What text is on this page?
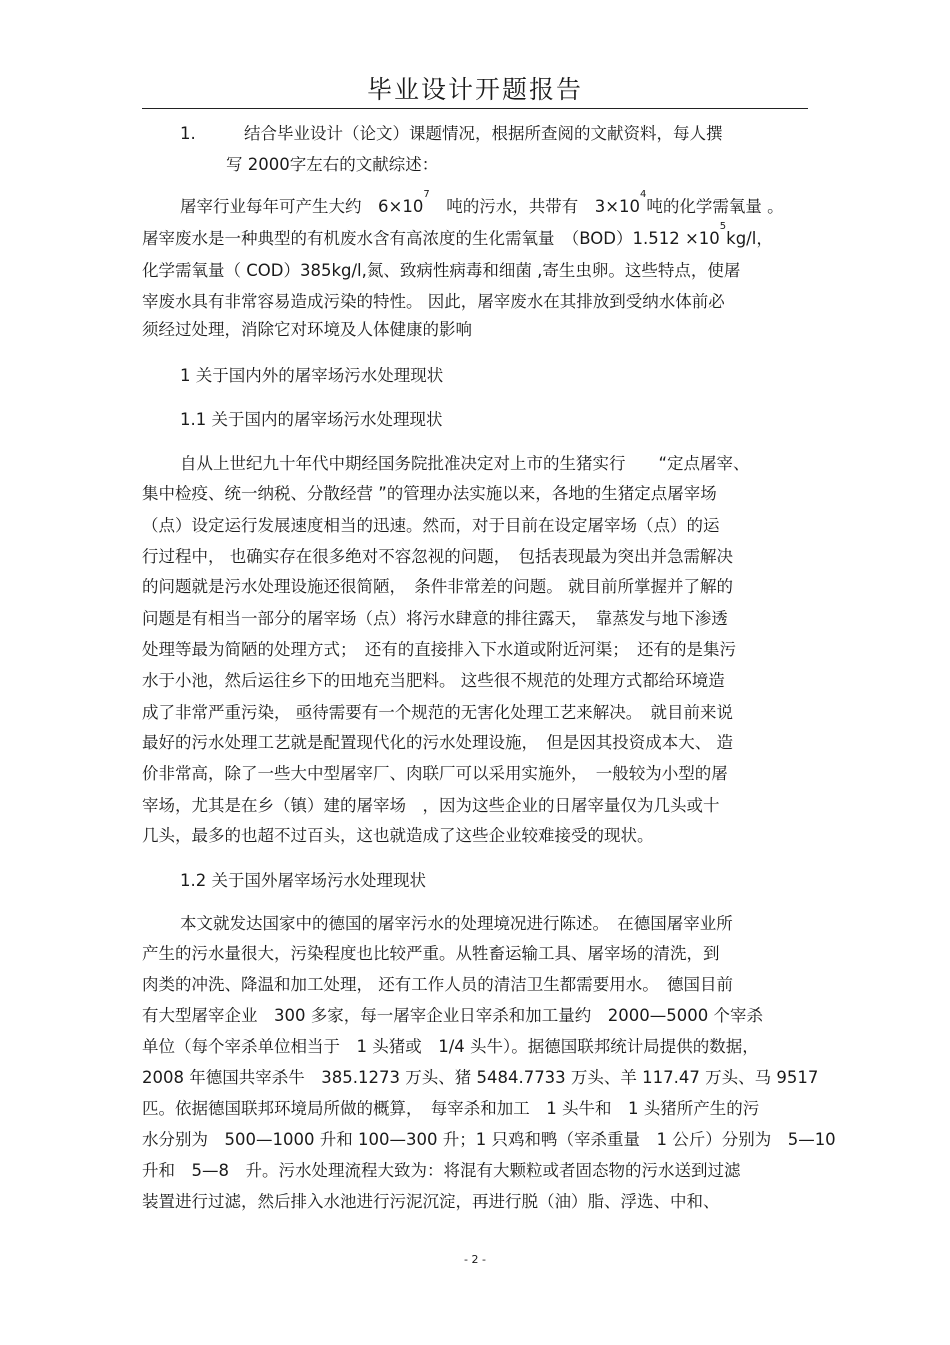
毕业设计开题报告
1.	结合毕业设计（论文）课题情况，根据所查阅的文献资料，每人撰
写 2000字左右的文献综述：
屠宰行业每年可产生大约　$6\times 10^7$　吨的污水，共带有　$3\times 10^4$吨的化学需氧量 。
屠宰废水是一种典型的有机废水含有高浓度的生化需氧量　$(BOD)1.512 \times 10^5kg/l$，
化学需氧量（ COD）385kg/l,氮、致病性病毒和细菌 ,寄生虫卵。这些特点，使屠
宰废水具有非常容易造成污染的特性。 因此，屠宰废水在其排放到受纳水体前必
须经过处理，消除它对环境及人体健康的影响
1 关于国内外的屠宰场污水处理现状
1.1 关于国内的屠宰场污水处理现状
自从上世纪九十年代中期经国务院批准决定对上市的生猪实行　　“定点屠宰、
集中检疫、统一纳税、分散经营 ”的管理办法实施以来，各地的生猪定点屠宰场
（点）设定运行发展速度相当的迅速。然而，对于目前在设定屠宰场（点）的运
行过程中， 也确实存在很多绝对不容忽视的问题，　包括表现最为突出并急需解决
的问题就是污水处理设施还很简陋，　条件非常差的问题。 就目前所掌握并了解的
问题是有相当一部分的屠宰场（点）将污水肆意的排往露天，　靠蒸发与地下渗透
处理等最为简陋的处理方式；　还有的直接排入下水道或附近河渠；　还有的是集污
水于小池，然后运往乡下的田地充当肥料。 这些很不规范的处理方式都给环境造
成了非常严重污染， 亟待需要有一个规范的无害化处理工艺来解决。　就目前来说
最好的污水处理工艺就是配置现代化的污水处理设施，　但是因其投资成本大、 造
价非常高，除了一些大中型屠宰厂、肉联厂可以采用实施外，　一般较为小型的屠
宰场，尤其是在乡（镇）建的屠宰场　，因为这些企业的日屠宰量仅为几头或十
几头，最多的也超不过百头，这也就造成了这些企业较难接受的现状。
1.2 关于国外屠宰场污水处理现状
本文就发达国家中的德国的屠宰污水的处理境况进行陈述。　在德国屠宰业所
产生的污水量很大，污染程度也比较严重。从牲畜运输工具、屠宰场的清洗，到
肉类的冲洗、降温和加工处理， 还有工作人员的清洁卫生都需要用水。　德国目前
有大型屠宰企业　300 多家，每一屠宰企业日宰杀和加工量约　2000—5000 个宰杀
单位（每个宰杀单位相当于　1 头猪或　1/4 头牛）。据德国联邦统计局提供的数据，
2008 年德国共宰杀牛　385.1273 万头、猪 5484.7733 万头、羊 117.47 万头、马 9517
匹。依据德国联邦环境局所做的概算，　每宰杀和加工　1 头牛和　1 头猪所产生的污
水分别为　500—1000 升和 100—300 升；1 只鸡和鸭（宰杀重量　1 公斤）分别为　5—10
升和　5—8　升。污水处理流程大致为：将混有大颗粒或者固态物的污水送到过滤
装置进行过滤，然后排入水池进行污泥沉淀，再进行脱（油）脂、浮选、中和、
- 2 -
